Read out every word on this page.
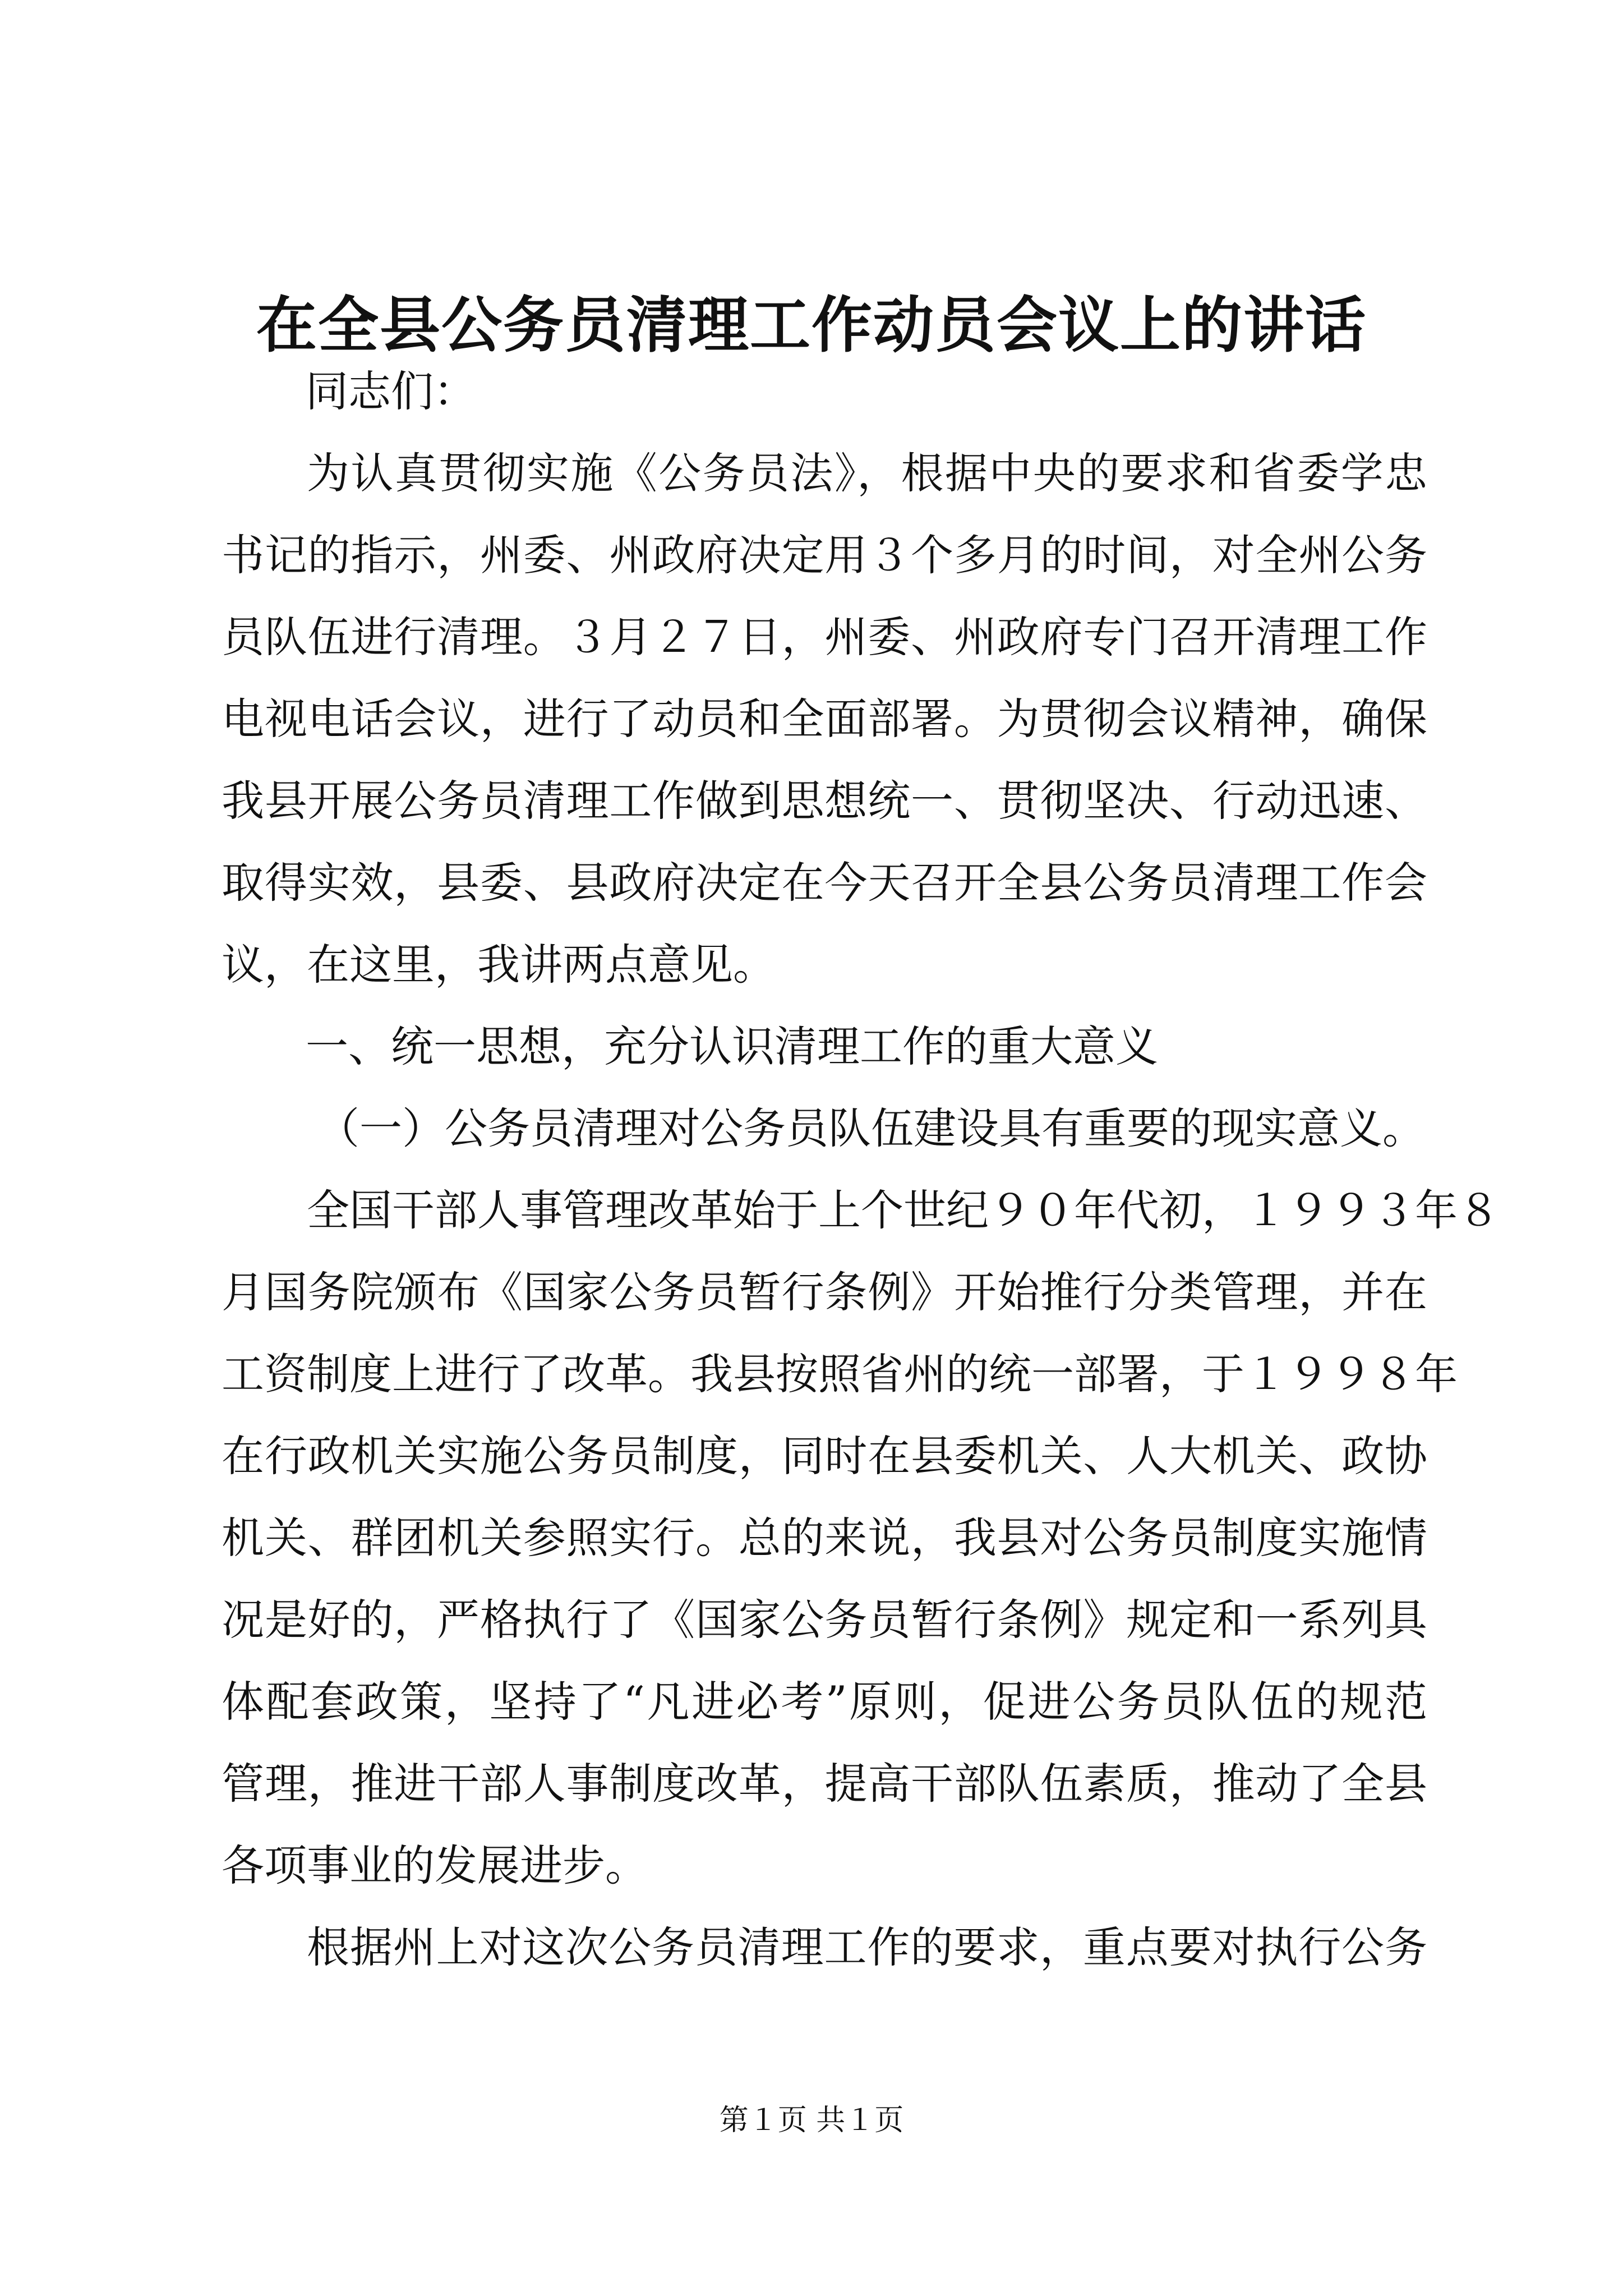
在全县公务员清理工作动员会议上的讲话
同志们：
为认真贯彻实施《公务员法》，根据中央的要求和省委学忠
书记的指示，州委、州政府决定用３个多月的时间，对全州公务
员队伍进行清理。３月２７日，州委、州政府专门召开清理工作
电视电话会议，进行了动员和全面部署。为贯彻会议精神，确保
我县开展公务员清理工作做到思想统一、贯彻坚决、行动迅速、
取得实效，县委、县政府决定在今天召开全县公务员清理工作会
议，在这里，我讲两点意见。
一、统一思想，充分认识清理工作的重大意义
（一）公务员清理对公务员队伍建设具有重要的现实意义。
全国干部人事管理改革始于上个世纪９０年代初，１９９３年８
月国务院颁布《国家公务员暂行条例》开始推行分类管理，并在
工资制度上进行了改革。我县按照省州的统一部署，于１９９８年
在行政机关实施公务员制度，同时在县委机关、人大机关、政协
机关、群团机关参照实行。总的来说，我县对公务员制度实施情
况是好的，严格执行了《国家公务员暂行条例》规定和一系列具
体配套政策，坚持了“凡进必考”原则，促进公务员队伍的规范
管理，推进干部人事制度改革，提高干部队伍素质，推动了全县
各项事业的发展进步。
根据州上对这次公务员清理工作的要求，重点要对执行公务
第１页 共１页
